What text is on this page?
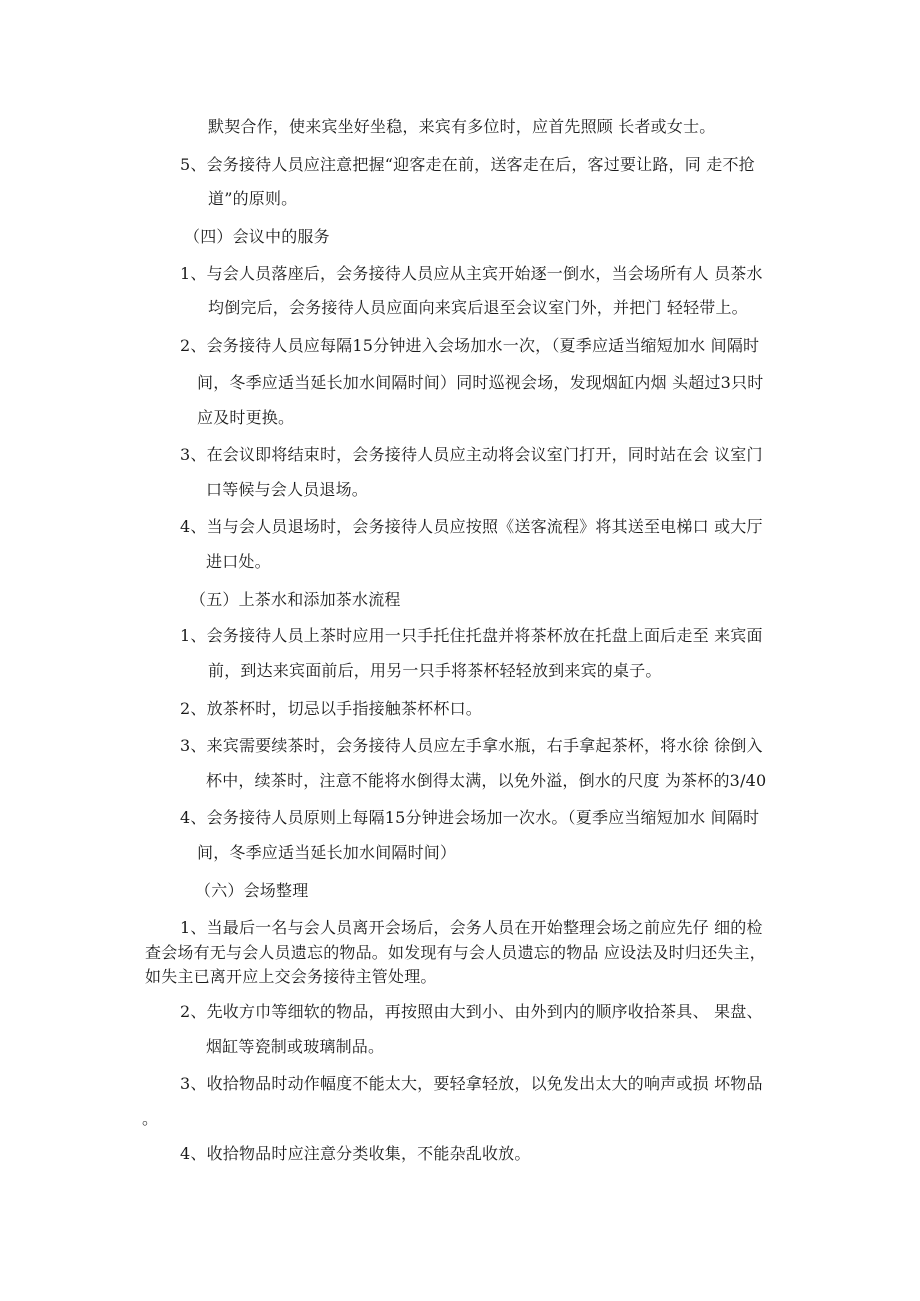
默契合作，使来宾坐好坐稳，来宾有多位时，应首先照顾 长者或女士。
5、会务接待人员应注意把握“迎客走在前，送客走在后，客过要让路，同 走不抢
道”的原则。
（四）会议中的服务
1、与会人员落座后，会务接待人员应从主宾开始逐一倒水，当会场所有人 员茶水
均倒完后，会务接待人员应面向来宾后退至会议室门外，并把门 轻轻带上。
2、会务接待人员应每隔15分钟进入会场加水一次，（夏季应适当缩短加水 间隔时
间，冬季应适当延长加水间隔时间）同时巡视会场，发现烟缸内烟 头超过3只时
应及时更换。
3、在会议即将结束时，会务接待人员应主动将会议室门打开，同时站在会 议室门
口等候与会人员退场。
4、当与会人员退场时，会务接待人员应按照《送客流程》将其送至电梯口 或大厅
进口处。
（五）上茶水和添加茶水流程
1、会务接待人员上茶时应用一只手托住托盘并将茶杯放在托盘上面后走至 来宾面
前，到达来宾面前后，用另一只手将茶杯轻轻放到来宾的桌子。
2、放茶杯时，切忌以手指接触茶杯杯口。
3、来宾需要续茶时，会务接待人员应左手拿水瓶，右手拿起茶杯，将水徐 徐倒入
杯中，续茶时，注意不能将水倒得太满，以免外溢，倒水的尺度 为茶杯的3/40
4、会务接待人员原则上每隔15分钟进会场加一次水。（夏季应当缩短加水 间隔时
间，冬季应适当延长加水间隔时间）
（六）会场整理
1、当最后一名与会人员离开会场后，会务人员在开始整理会场之前应先仔 细的检
查会场有无与会人员遗忘的物品。如发现有与会人员遗忘的物品 应设法及时归还失主，
如失主已离开应上交会务接待主管处理。
2、先收方巾等细软的物品，再按照由大到小、由外到内的顺序收拾茶具、 果盘、
烟缸等瓷制或玻璃制品。
3、收拾物品时动作幅度不能太大，要轻拿轻放，以免发出太大的响声或损 坏物品
。
4、收拾物品时应注意分类收集，不能杂乱收放。
